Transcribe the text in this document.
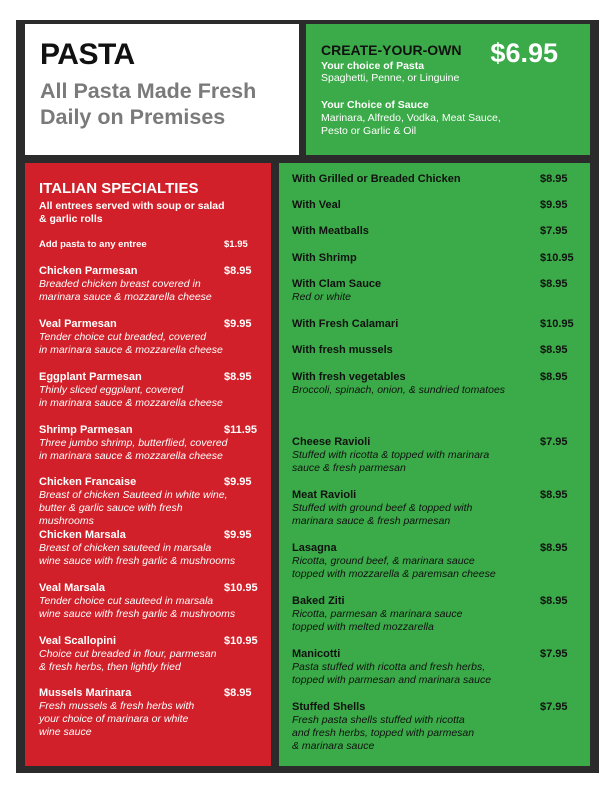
PASTA
All Pasta Made Fresh
Daily on Premises
CREATE-YOUR-OWN $6.95
Your choice of Pasta
Spaghetti, Penne, or Linguine
Your Choice of Sauce
Marinara, Alfredo, Vodka, Meat Sauce,
Pesto or Garlic & Oil
ITALIAN SPECIALTIES
All entrees served with soup or salad & garlic rolls
Add pasta to any entree	$1.95
Chicken Parmesan
Breaded chicken breast covered in
marinara sauce & mozzarella cheese
$8.95
Veal Parmesan
Tender choice cut breaded, covered
in marinara sauce & mozzarella cheese
$9.95
Eggplant Parmesan
Thinly sliced eggplant, covered
in marinara sauce & mozzarella cheese
$8.95
Shrimp Parmesan
Three jumbo shrimp, butterflied, covered
in marinara sauce & mozzarella cheese
$11.95
Chicken Francaise
Breast of chicken Sauteed in white wine,
butter & garlic sauce with fresh mushrooms
$9.95
Chicken Marsala
Breast of chicken sauteed in marsala
wine sauce with fresh garlic & mushrooms
$9.95
Veal Marsala
Tender choice cut sauteed in marsala
wine sauce with fresh garlic & mushrooms
$10.95
Veal Scallopini
Choice cut breaded in flour, parmesan
& fresh herbs, then lightly fried
$10.95
Mussels Marinara
Fresh mussels & fresh herbs with
your choice of marinara or white
wine sauce
$8.95
With Grilled or Breaded Chicken	$8.95
With Veal	$9.95
With Meatballs	$7.95
With Shrimp	$10.95
With Clam Sauce
Red or white
$8.95
With Fresh Calamari	$10.95
With fresh mussels	$8.95
With fresh vegetables
Broccoli, spinach, onion, & sundried tomatoes
$8.95
Cheese Ravioli
Stuffed with ricotta & topped with marinara
sauce & fresh parmesan
$7.95
Meat Ravioli
Stuffed with ground beef & topped with
marinara sauce & fresh parmesan
$8.95
Lasagna
Ricotta, ground beef, & marinara sauce
topped with mozzarella & paremsan cheese
$8.95
Baked Ziti
Ricotta, parmesan & marinara sauce
topped with melted mozzarella
$8.95
Manicotti
Pasta stuffed with ricotta and fresh herbs,
topped with parmesan and marinara sauce
$7.95
Stuffed Shells
Fresh pasta shells stuffed with ricotta
and fresh herbs, topped with parmesan
& marinara sauce
$7.95
